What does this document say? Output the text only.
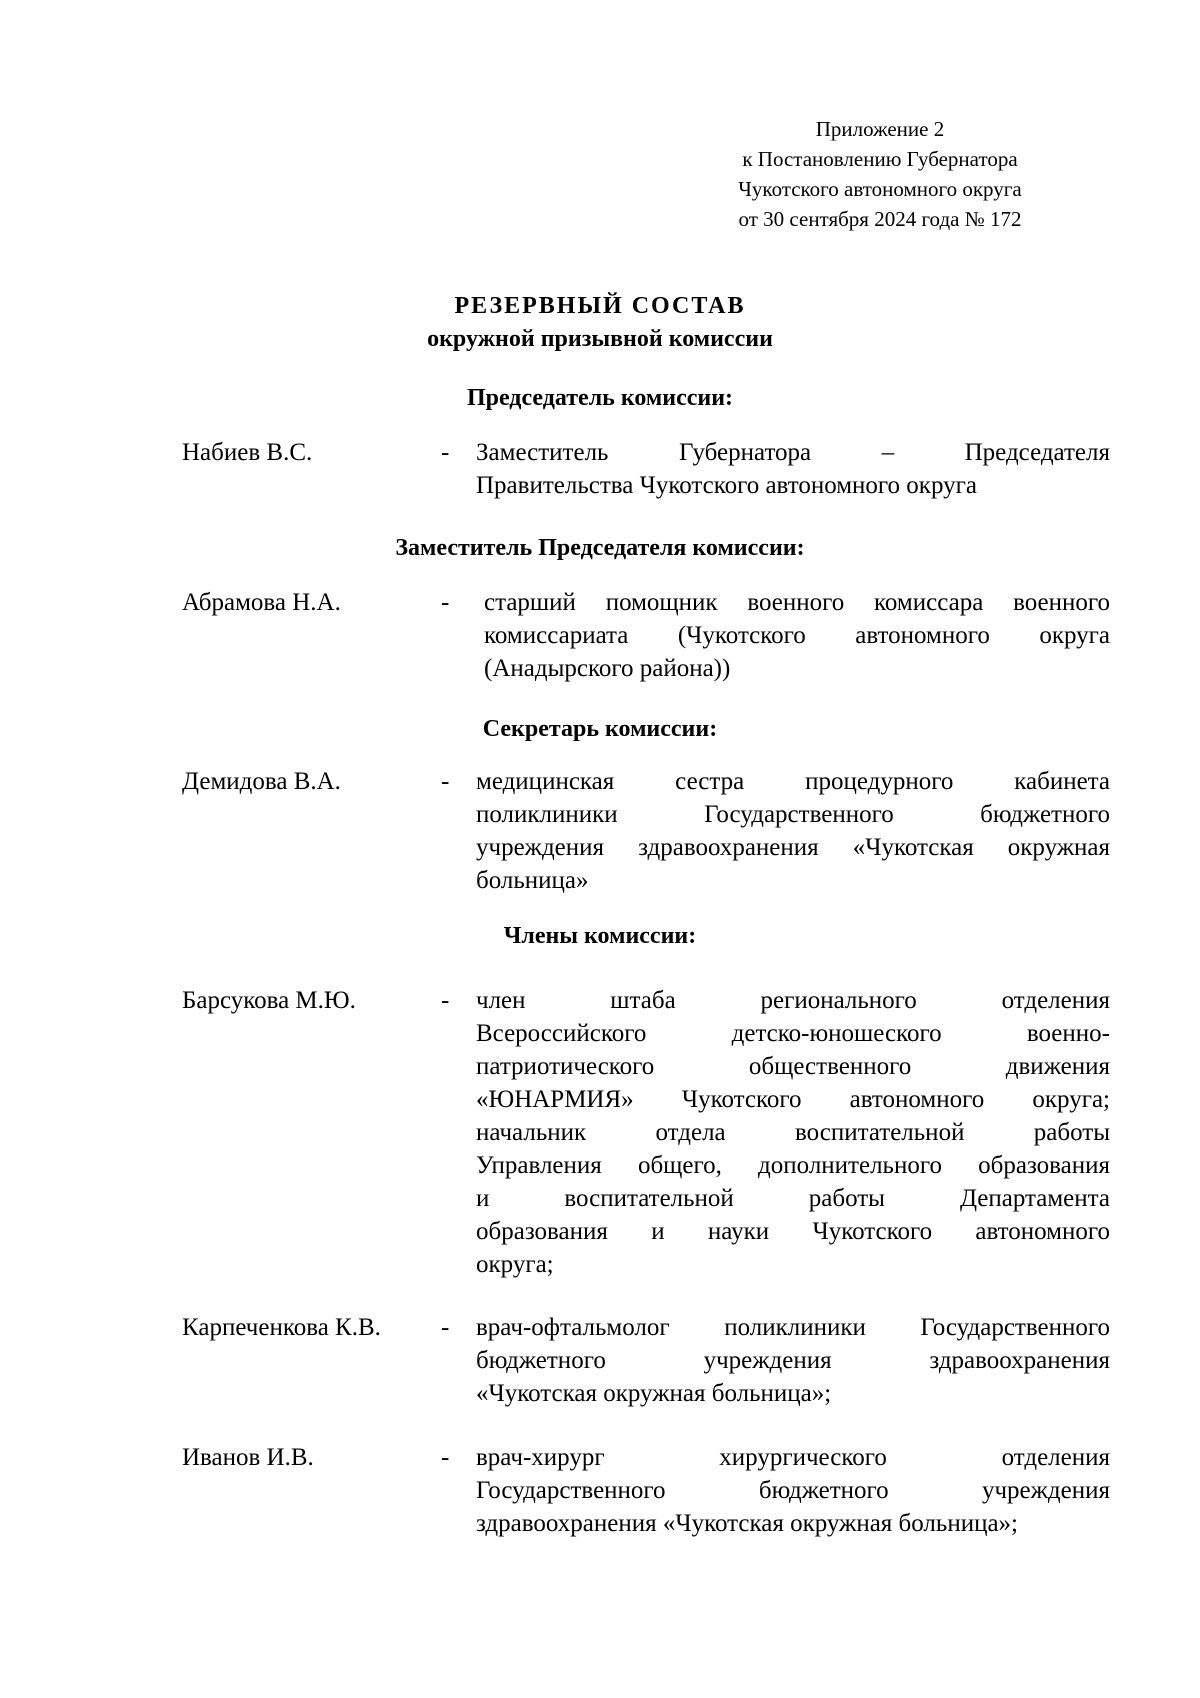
Приложение 2
к Постановлению Губернатора
Чукотского автономного округа
от 30 сентября 2024 года № 172
РЕЗЕРВНЫЙ СОСТАВ
окружной призывной комиссии
Председатель комиссии:
Набиев В.С.	- Заместитель Губернатора – Председателя
Правительства Чукотского автономного округа
Заместитель Председателя комиссии:
Абрамова Н.А.	- старший помощник военного комиссара военного
комиссариата (Чукотского автономного округа
(Анадырского района))
Секретарь комиссии:
Демидова В.А.	- медицинская сестра процедурного кабинета
поликлиники Государственного бюджетного
учреждения здравоохранения «Чукотская окружная
больница»
Члены комиссии:
Барсукова М.Ю.	- член штаба регионального отделения
Всероссийского детско-юношеского военно-
патриотического общественного движения
«ЮНАРМИЯ» Чукотского автономного округа;
начальник отдела воспитательной работы
Управления общего, дополнительного образования
и воспитательной работы Департамента
образования и науки Чукотского автономного
округа;
Карпеченкова К.В. - врач-офтальмолог поликлиники Государственного
бюджетного учреждения здравоохранения
«Чукотская окружная больница»;
Иванов И.В.	- врач-хирург хирургического отделения
Государственного бюджетного учреждения
здравоохранения «Чукотская окружная больница»;
